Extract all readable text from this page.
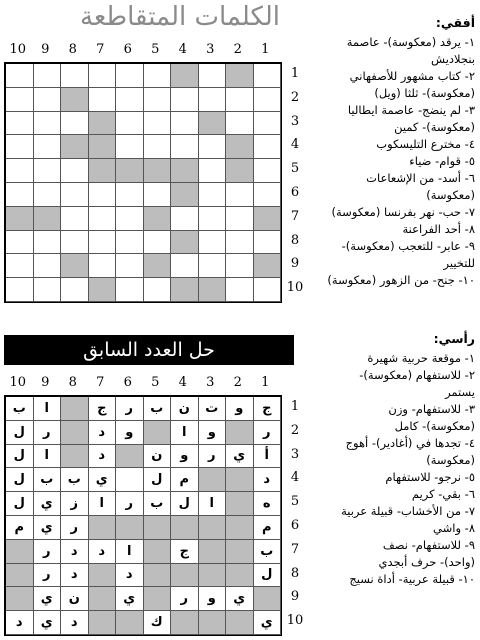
الكلمات المتقاطعة
1
2
3
4
5
6
7
8
9
10
1
2
3
4
5
6
7
8
9
10
أفقي:
١- يرقد (معكوسة)- عاصمة
بنجلاديش
٢- كتاب مشهور للأصفهاني
(معكوسة)- ثلثا (ويل)
٣- لم ينضج- عاصمة ايطاليا
(معكوسة)- كمين
٤- مخترع التليسكوب
٥- قوام- ضياء
٦- أسد- من الإشعاعات
(معكوسة)
٧- حب- نهر بفرنسا (معكوسة)
٨- أحد الفراعنة
٩- عابر- للتعجب (معكوسة)-
للتخيير
١٠- جنح- من الزهور (معكوسة)
حل العدد السابق
1
2
3
4
5
6
7
8
9
10
1
2
3
4
5
6
7
8
9
10
ج
و
ت
ن
ب
ر
ج
ا
ب
ر
و
ا
و
د
ر
ل
أ
ي
ر
و
ن
د
ا
ل
د
م
ل
ي
ب
ب
ل
ه
ا
ل
ب
ر
ا
ز
ي
ل
م
ر
ي
م
ب
ج
ا
د
د
ر
ل
د
د
ر
ي
و
ر
ي
ن
ي
ي
ك
د
ي
د
رأسي:
١- موقعة حربية شهيرة
٢- للاستفهام (معكوسة)-
يستمر
٣- للاستفهام- وزن
(معكوسة)- كامل
٤- تجدها في (أغادير)- أهوج
(معكوسة)
٥- نرجو- للاستفهام
٦- بقي- كريم
٧- من الأخشاب- قبيلة عربية
٨- واشي
٩- للاستفهام- نصف
(واحد)- حرف أبجدي
١٠- قبيلة عربية- أداة نسيج
